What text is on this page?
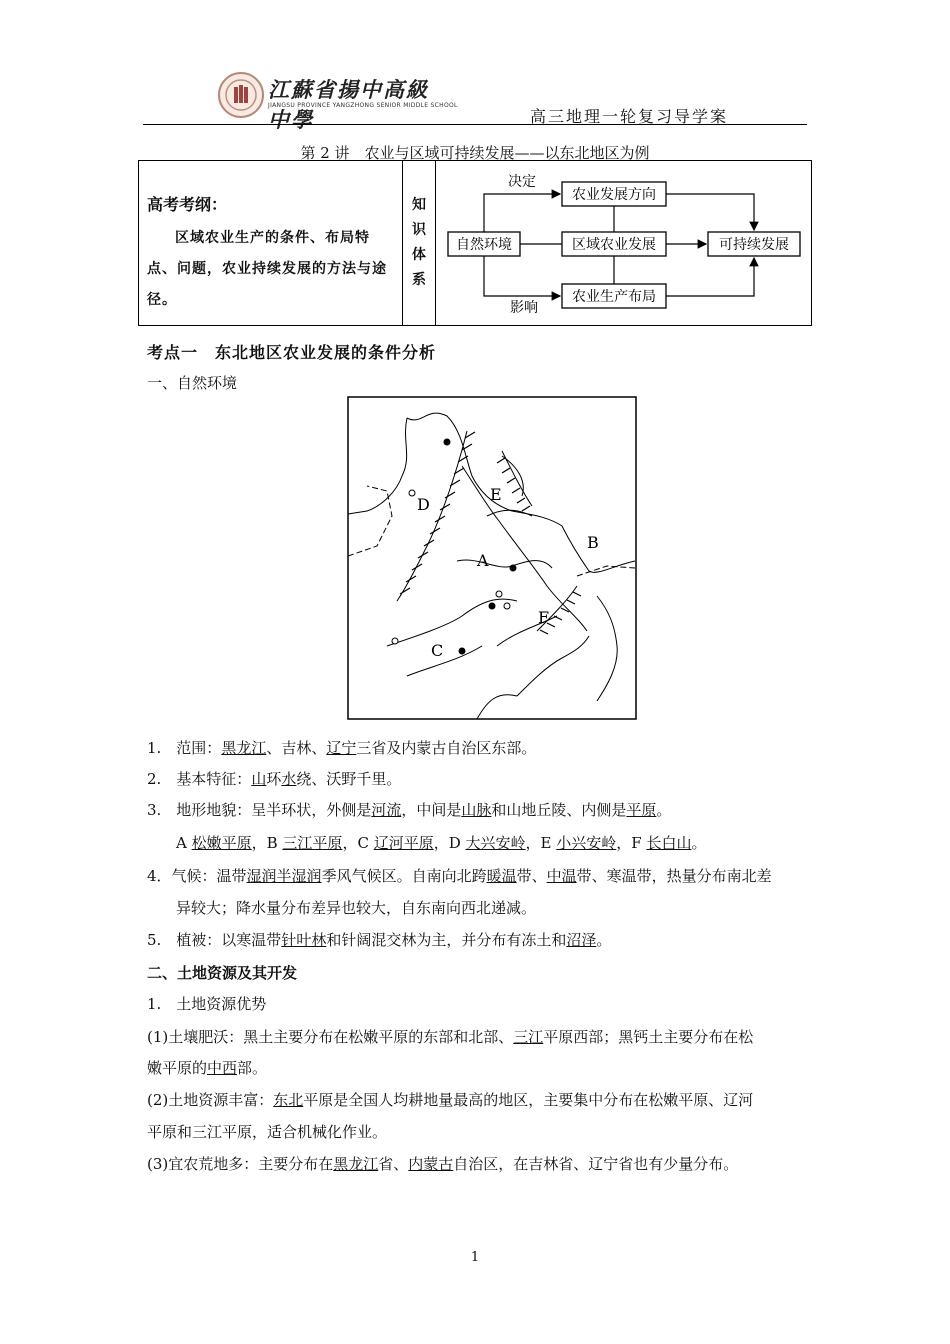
江蘇省揚中高級中學
JIANGSU PROVINCE YANGZHONG SENIOR MIDDLE SCHOOL
高三地理一轮复习导学案
第 2 讲　农业与区域可持续发展——以东北地区为例
高考考纲：
区域农业生产的条件、布局特点、问题，农业持续发展的方法与途径。
知识体系
自然环境
农业发展方向
区域农业发展
农业生产布局
可持续发展
决定
影响
考点一　东北地区农业发展的条件分析
一、自然环境
A
B
C
D
E
F
1.　范围：黑龙江、吉林、辽宁三省及内蒙古自治区东部。
2.　基本特征：山环水绕、沃野千里。
3.　地形地貌：呈半环状，外侧是河流，中间是山脉和山地丘陵、内侧是平原。
A 松嫩平原，B 三江平原，C 辽河平原，D 大兴安岭，E 小兴安岭，F 长白山。
4．气候：温带湿润半湿润季风气候区。自南向北跨暖温带、中温带、寒温带，热量分布南北差
异较大；降水量分布差异也较大，自东南向西北递减。
5.　植被：以寒温带针叶林和针阔混交林为主，并分布有冻土和沼泽。
二、土地资源及其开发
1.　土地资源优势
(1)土壤肥沃：黑土主要分布在松嫩平原的东部和北部、三江平原西部；黑钙土主要分布在松
嫩平原的中西部。
(2)土地资源丰富：东北平原是全国人均耕地量最高的地区，主要集中分布在松嫩平原、辽河
平原和三江平原，适合机械化作业。
(3)宜农荒地多：主要分布在黑龙江省、内蒙古自治区，在吉林省、辽宁省也有少量分布。
1
